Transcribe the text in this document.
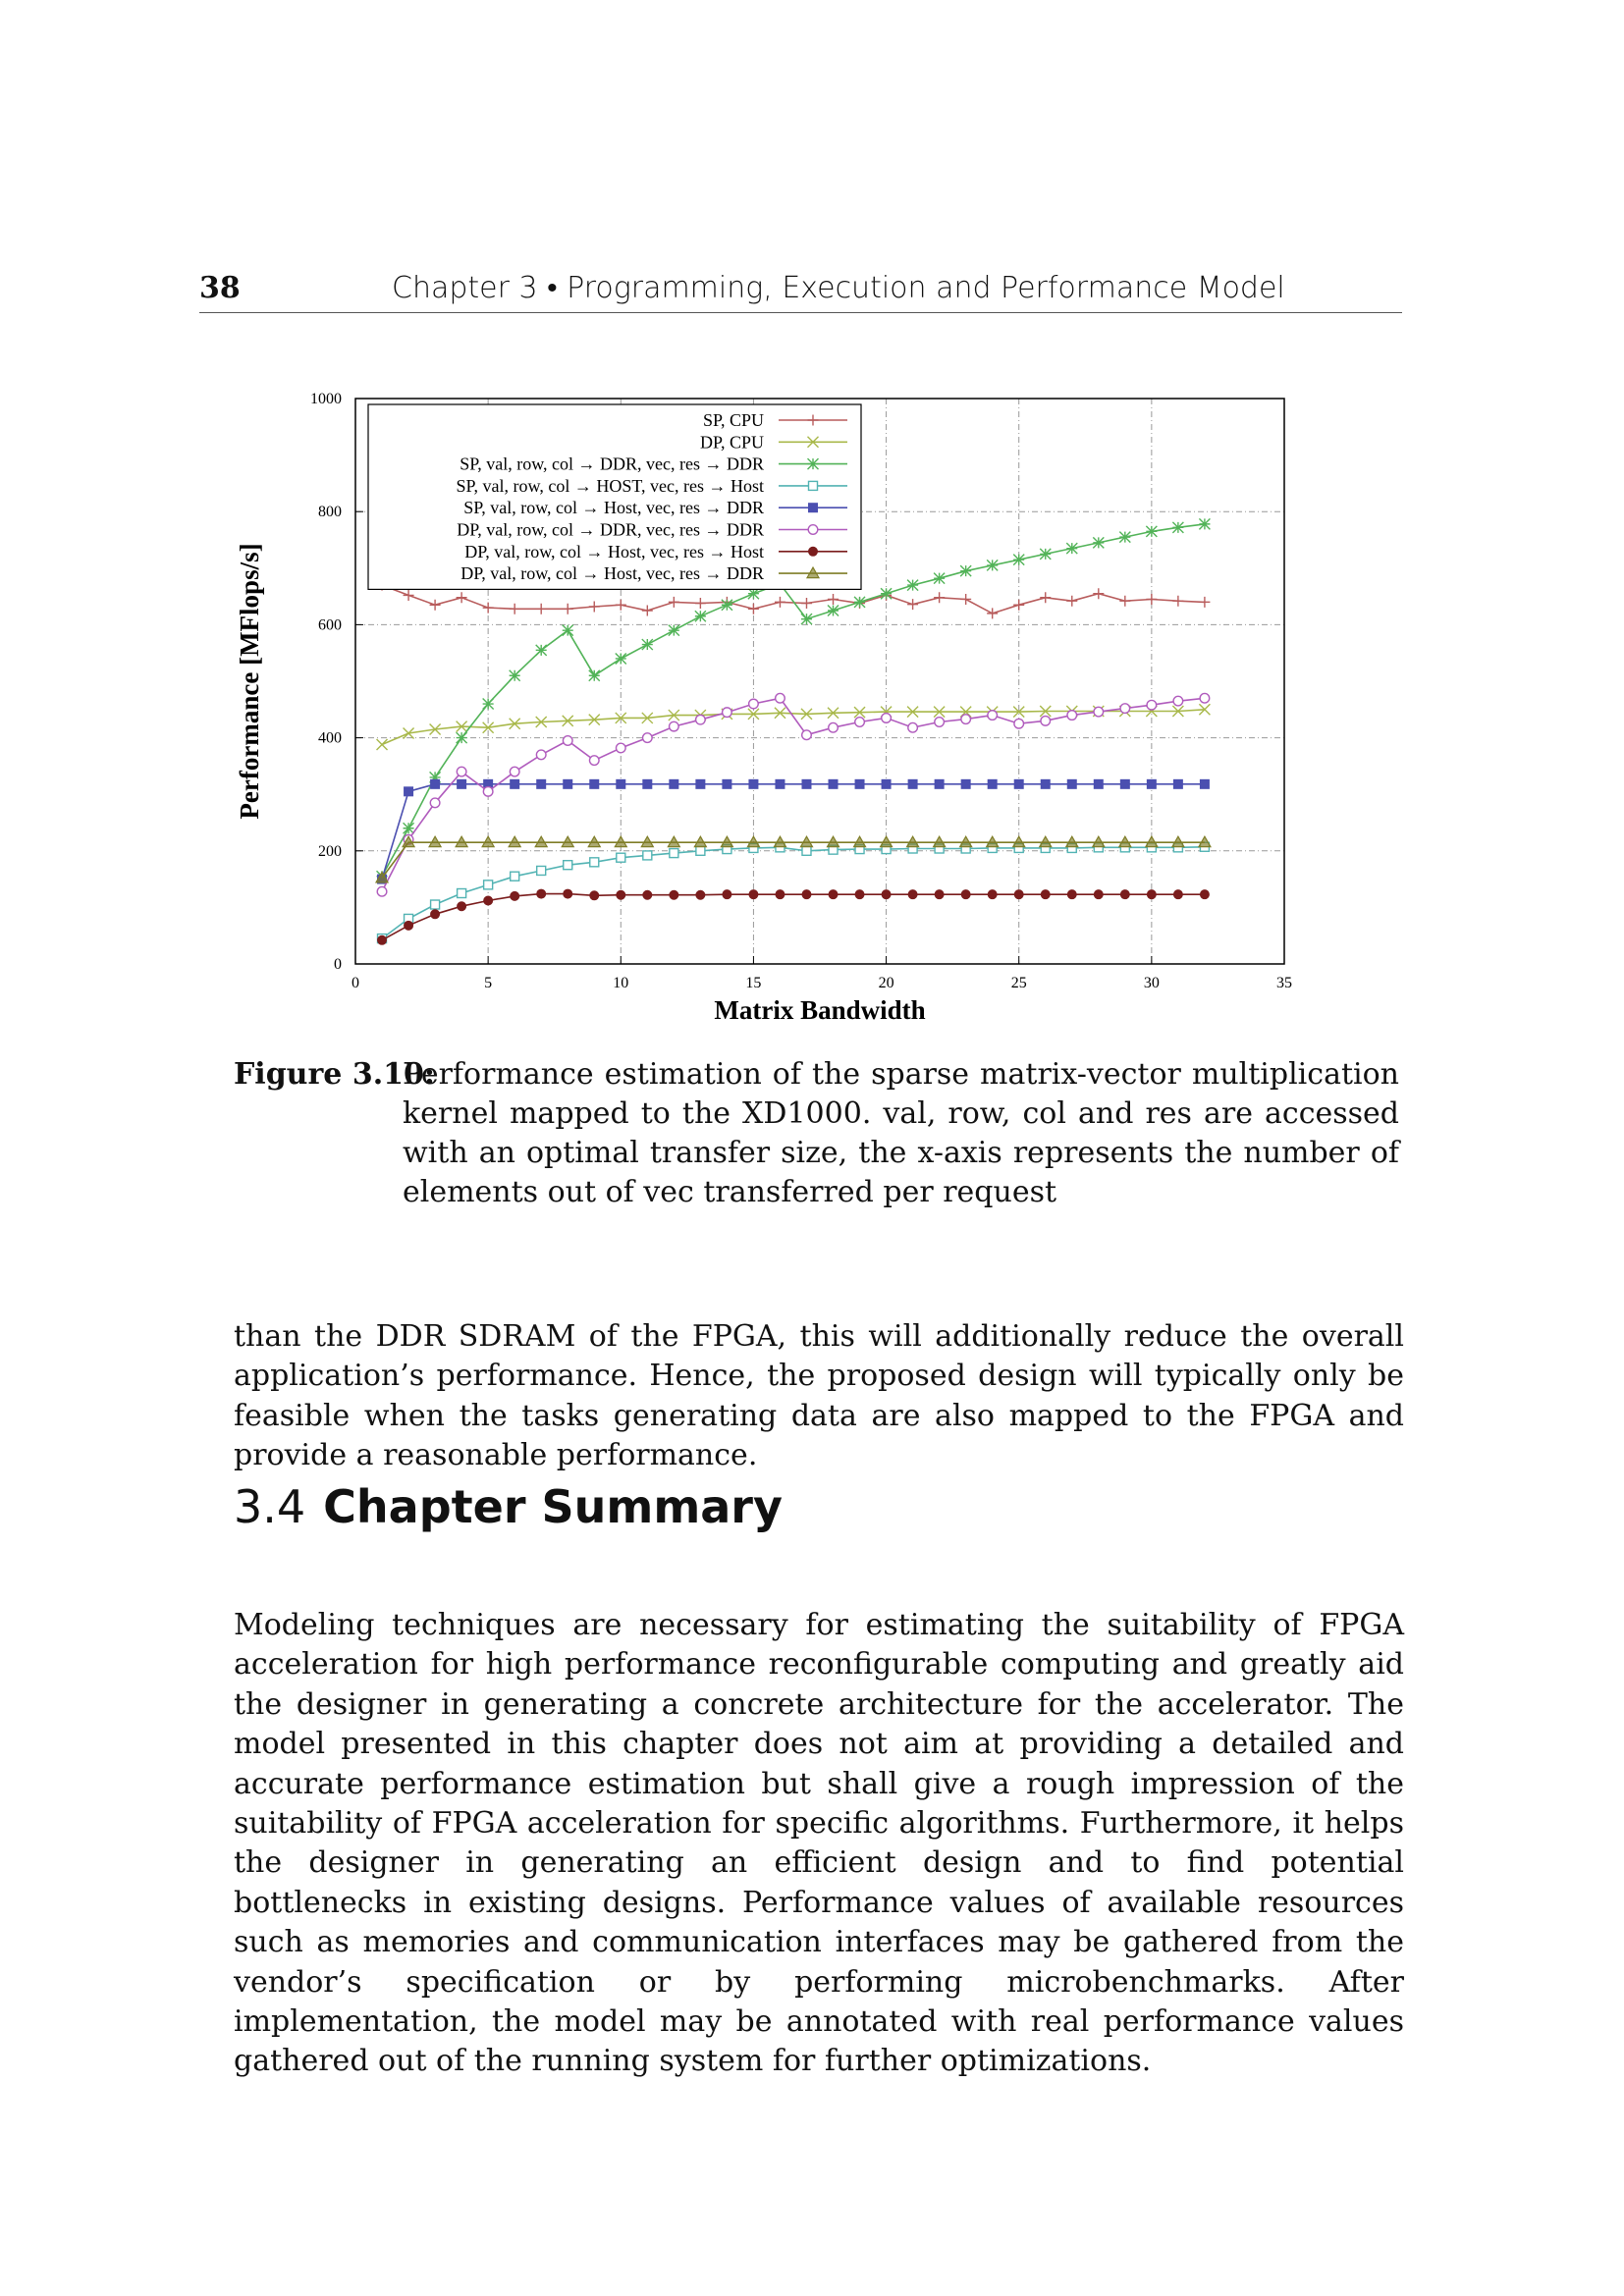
38	Chapter 3 • Programming, Execution and Performance Model
0	5	10	15	20	25	30	35
0
200
400
600
800
1000
Matrix Bandwidth
Performance [MFlops/s]
SP, CPU
DP, CPU
SP, val, row, col → DDR, vec, res → DDR
SP, val, row, col → HOST, vec, res → Host
SP, val, row, col → Host, vec, res → DDR
DP, val, row, col → DDR, vec, res → DDR
DP, val, row, col → Host, vec, res → Host
DP, val, row, col → Host, vec, res → DDR
Figure 3.10:
Performance estimation of the sparse matrix-vector multiplication kernel mapped to the XD1000. val, row, col and res are accessed with an optimal transfer size, the x-axis represents the number of elements out of vec transferred per request

than the DDR SDRAM of the FPGA, this will additionally reduce the overall application’s performance. Hence, the proposed design will typically only be feasible when the tasks generating data are also mapped to the FPGA and provide a reasonable performance.

3.4 Chapter Summary

Modeling techniques are necessary for estimating the suitability of FPGA acceleration for high performance reconfigurable computing and greatly aid the designer in generating a concrete architecture for the accelerator. The model presented in this chapter does not aim at providing a detailed and accurate performance estimation but shall give a rough impression of the suitability of FPGA acceleration for specific algorithms. Furthermore, it helps the designer in generating an efficient design and to find potential bottlenecks in existing designs. Performance values of available resources such as memories and communication interfaces may be gathered from the vendor’s specification or by performing microbenchmarks. After implementation, the model may be annotated with real performance values gathered out of the running system for further optimizations.
